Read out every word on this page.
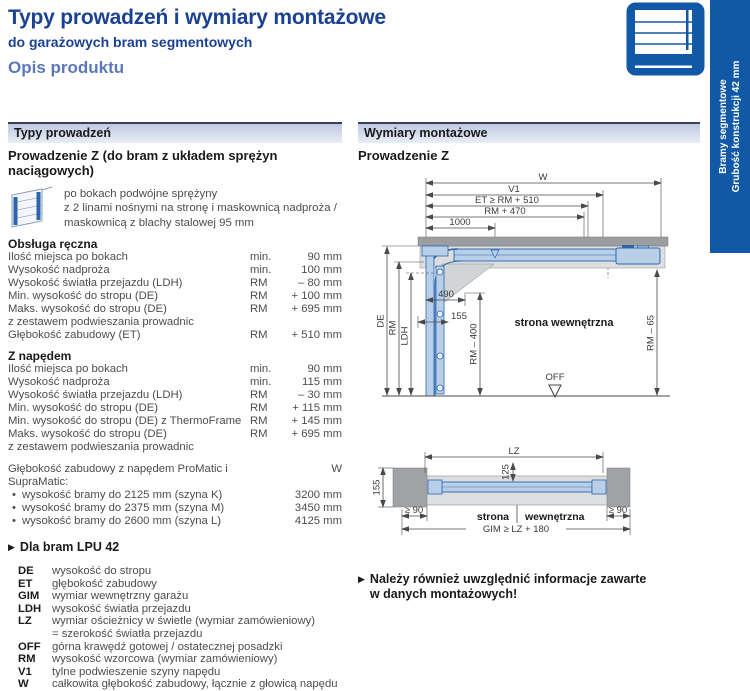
Typy prowadzeń i wymiary montażowe
do garażowych bram segmentowych
Opis produktu
Bramy segmentowe Grubość konstrukcji 42 mm
Typy prowadzeń
Prowadzenie Z (do bram z układem sprężyn naciągowych)
po bokach podwójne sprężyny
z 2 linami nośnymi na stronę i maskownicą nadproża /
maskownicą z blachy stalowej 95 mm
Obsługa ręczna
Ilość miejsca po bokach	min.	90 mm
Wysokość nadproża	min.	100 mm
Wysokość światła przejazdu (LDH)	RM	– 80 mm
Min. wysokość do stropu (DE)	RM	+ 100 mm
Maks. wysokość do stropu (DE)	RM	+ 695 mm
z zestawem podwieszania prowadnic
Głębokość zabudowy (ET)	RM	+ 510 mm
Z napędem
Ilość miejsca po bokach	min.	90 mm
Wysokość nadproża	min.	115 mm
Wysokość światła przejazdu (LDH)	RM	– 30 mm
Min. wysokość do stropu (DE)	RM	+ 115 mm
Min. wysokość do stropu (DE) z ThermoFrame RM	+ 145 mm
Maks. wysokość do stropu (DE)	RM	+ 695 mm
z zestawem podwieszania prowadnic
Głębokość zabudowy z napędem ProMatic i SupraMatic:
W
• wysokość bramy do 2125 mm (szyna K)	3200 mm
• wysokość bramy do 2375 mm (szyna M)	3450 mm
• wysokość bramy do 2600 mm (szyna L)	4125 mm
▶ Dla bram LPU 42
DE	wysokość do stropu
ET	głębokość zabudowy
GIM	wymiar wewnętrzny garażu
LDH wysokość światła przejazdu
LZ	wymiar ościeżnicy w świetle (wymiar zamówieniowy)
= szerokość światła przejazdu
OFF	górna krawędź gotowej / ostatecznej posadzki
RM	wysokość wzorcowa (wymiar zamówieniowy)
V1	tylne podwieszenie szyny napędu
W	całkowita głębokość zabudowy, łącznie z głowicą napędu
Wymiary montażowe
Prowadzenie Z
W
V1
ET ≥ RM + 510
RM + 470
1000
490
155
DE RM LDH	RM – 400	RM – 65
strona wewnętrzna
OFF
LZ
125
155
≥ 90	≥ 90
strona wewnętrzna
GIM ≥ LZ + 180
▶ Należy również uwzględnić informacje zawarte
w danych montażowych!
